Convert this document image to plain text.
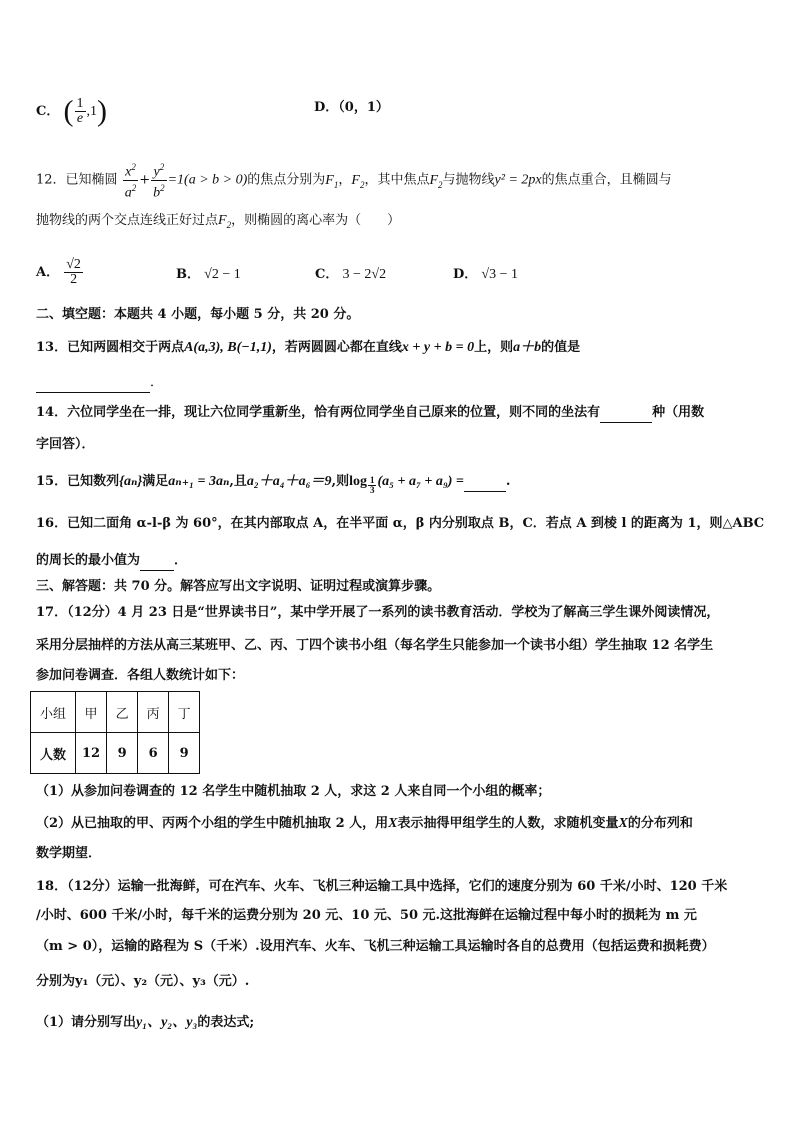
C． ( $\frac{1}{e} ,1$)	D．（0，1）
12．已知椭圆 $\frac{x^2}{a^2} + \frac{y^2}{b^2} =1(a > b > 0)$的焦点分别为$F_1$，$F_2$，其中焦点$F_2$与抛物线y² = 2px的焦点重合，且椭圆与
抛物线的两个交点连线正好过点$F_2$，则椭圆的离心率为（　　）
A． $\frac{√2}{2}$	B． √2 − 1	C． 3 − 2√2	D． √3 − 1
二、填空题：本题共 4 小题，每小题 5 分，共 20 分。
13．已知两圆相交于两点A(a,3), B(−1,1)，若两圆圆心都在直线x + y + b = 0上，则a＋b的值是
．
14．六位同学坐在一排，现让六位同学重新坐，恰有两位同学坐自己原来的位置，则不同的坐法有	种（用数
字回答）．
15．已知数列{aₙ}满足aₙ₊₁ = 3aₙ,且a₂＋a₄＋a₆＝9,则$\log \frac{1}{3} (a_5 + a_7 + a_9)$ =	.
16．已知二面角 α-l-β 为 60°，在其内部取点 A，在半平面 α，β 内分别取点 B，C．若点 A 到棱 l 的距离为 1，则△ABC
的周长的最小值为	．
三、解答题：共 70 分。解答应写出文字说明、证明过程或演算步骤。
17．（12分）4 月 23 日是“世界读书日”，某中学开展了一系列的读书教育活动．学校为了解高三学生课外阅读情况，
采用分层抽样的方法从高三某班甲、乙、丙、丁四个读书小组（每名学生只能参加一个读书小组）学生抽取 12 名学生
参加问卷调查．各组人数统计如下：
小组	甲	乙	丙	丁
人数	12	9	6	9
（1）从参加问卷调查的 12 名学生中随机抽取 2 人，求这 2 人来自同一个小组的概率；
（2）从已抽取的甲、丙两个小组的学生中随机抽取 2 人，用X表示抽得甲组学生的人数，求随机变量X的分布列和
数学期望．
18．（12分）运输一批海鲜，可在汽车、火车、飞机三种运输工具中选择，它们的速度分别为 60 千米/小时、120 千米
/小时、600 千米/小时，每千米的运费分别为 20 元、10 元、50 元.这批海鲜在运输过程中每小时的损耗为 m 元
（m > 0），运输的路程为 S（千米）.设用汽车、火车、飞机三种运输工具运输时各自的总费用（包括运费和损耗费）
分别为y₁（元）、y₂（元）、y₃（元）.
（1）请分别写出y₁、y₂、y₃的表达式;
